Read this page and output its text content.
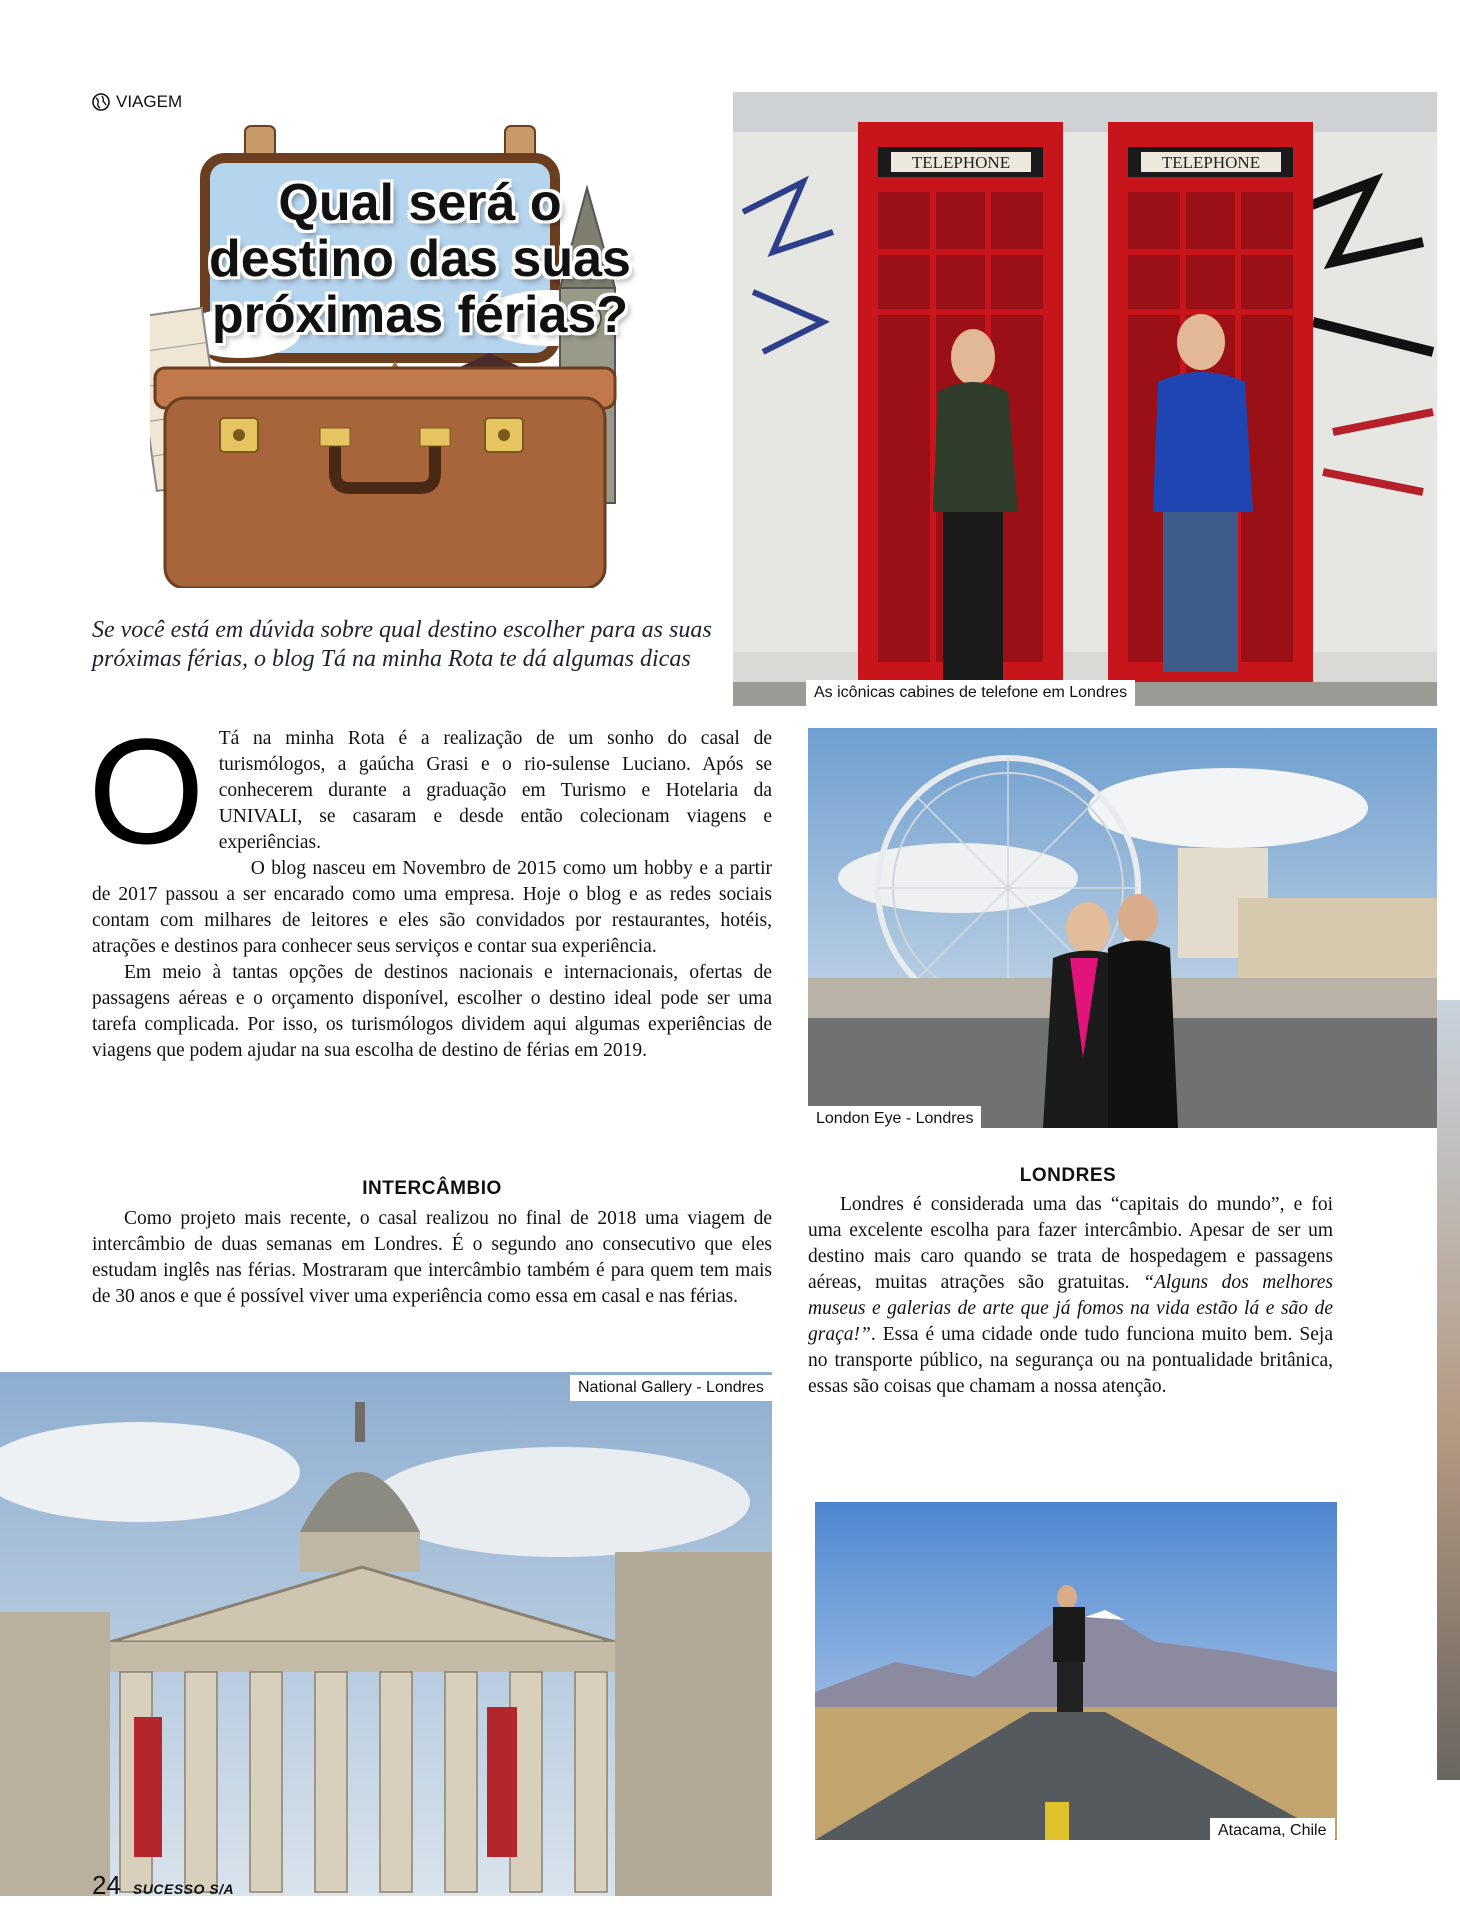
VIAGEM
Qual será o
destino das suas
próximas férias?
TELEPHONE	TELEPHONE
As icônicas cabines de telefone em Londres
Se você está em dúvida sobre qual destino escolher para as suas próximas férias, o blog Tá na minha Rota te dá algumas dicas
O Tá na minha Rota é a realização de um sonho do casal de turismólogos, a gaúcha Grasi e o rio-sulense Luciano. Após se conhecerem durante a graduação em Turismo e Hotelaria da UNIVALI, se casaram e desde então colecionam viagens e experiências.

O blog nasceu em Novembro de 2015 como um hobby e a partir de 2017 passou a ser encarado como uma empresa. Hoje o blog e as redes sociais contam com milhares de leitores e eles são convidados por restaurantes, hotéis, atrações e destinos para conhecer seus serviços e contar sua experiência.

Em meio à tantas opções de destinos nacionais e internacionais, ofertas de passagens aéreas e o orçamento disponível, escolher o destino ideal pode ser uma tarefa complicada. Por isso, os turismólogos dividem aqui algumas experiências de viagens que podem ajudar na sua escolha de destino de férias em 2019.

London Eye - Londres
INTERCÂMBIO

Como projeto mais recente, o casal realizou no final de 2018 uma viagem de intercâmbio de duas semanas em Londres. É o segundo ano consecutivo que eles estudam inglês nas férias. Mostraram que intercâmbio também é para quem tem mais de 30 anos e que é possível viver uma experiência como essa em casal e nas férias.

LONDRES

Londres é considerada uma das “capitais do mundo”, e foi uma excelente escolha para fazer intercâmbio. Apesar de ser um destino mais caro quando se trata de hospedagem e passagens aéreas, muitas atrações são gratuitas. “Alguns dos melhores museus e galerias de arte que já fomos na vida estão lá e são de graça!”. Essa é uma cidade onde tudo funciona muito bem. Seja no transporte público, na segurança ou na pontualidade britânica, essas são coisas que chamam a nossa atenção.

National Gallery - Londres
Atacama, Chile
24 SUCESSO S/A
